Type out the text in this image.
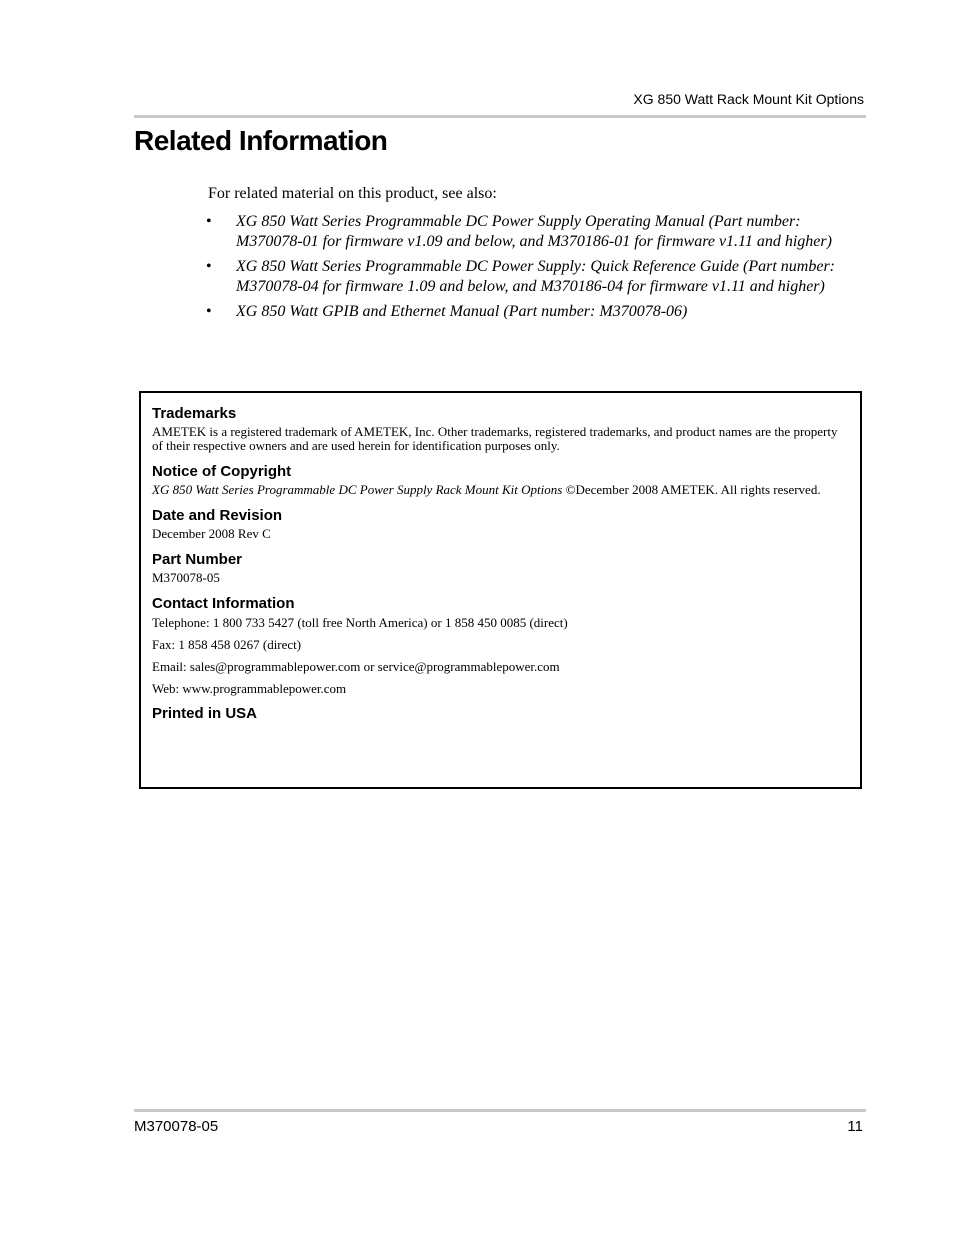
XG 850 Watt Rack Mount Kit Options
Related Information

For related material on this product, see also:

• XG 850 Watt Series Programmable DC Power Supply Operating Manual (Part number: M370078-01 for firmware v1.09 and below, and M370186-01 for firmware v1.11 and higher)
• XG 850 Watt Series Programmable DC Power Supply: Quick Reference Guide (Part number: M370078-04 for firmware 1.09 and below, and M370186-04 for firmware v1.11 and higher)
• XG 850 Watt GPIB and Ethernet Manual (Part number: M370078-06)

Trademarks

AMETEK is a registered trademark of AMETEK, Inc. Other trademarks, registered trademarks, and product names are the property of their respective owners and are used herein for identification purposes only.

Notice of Copyright

XG 850 Watt Series Programmable DC Power Supply Rack Mount Kit Options ©December 2008 AMETEK. All rights reserved.

Date and Revision

December 2008 Rev C

Part Number

M370078-05

Contact Information

Telephone: 1 800 733 5427 (toll free North America) or 1 858 450 0085 (direct)

Fax: 1 858 458 0267 (direct)

Email: sales@programmablepower.com or service@programmablepower.com

Web: www.programmablepower.com

Printed in USA

M370078-05	11
